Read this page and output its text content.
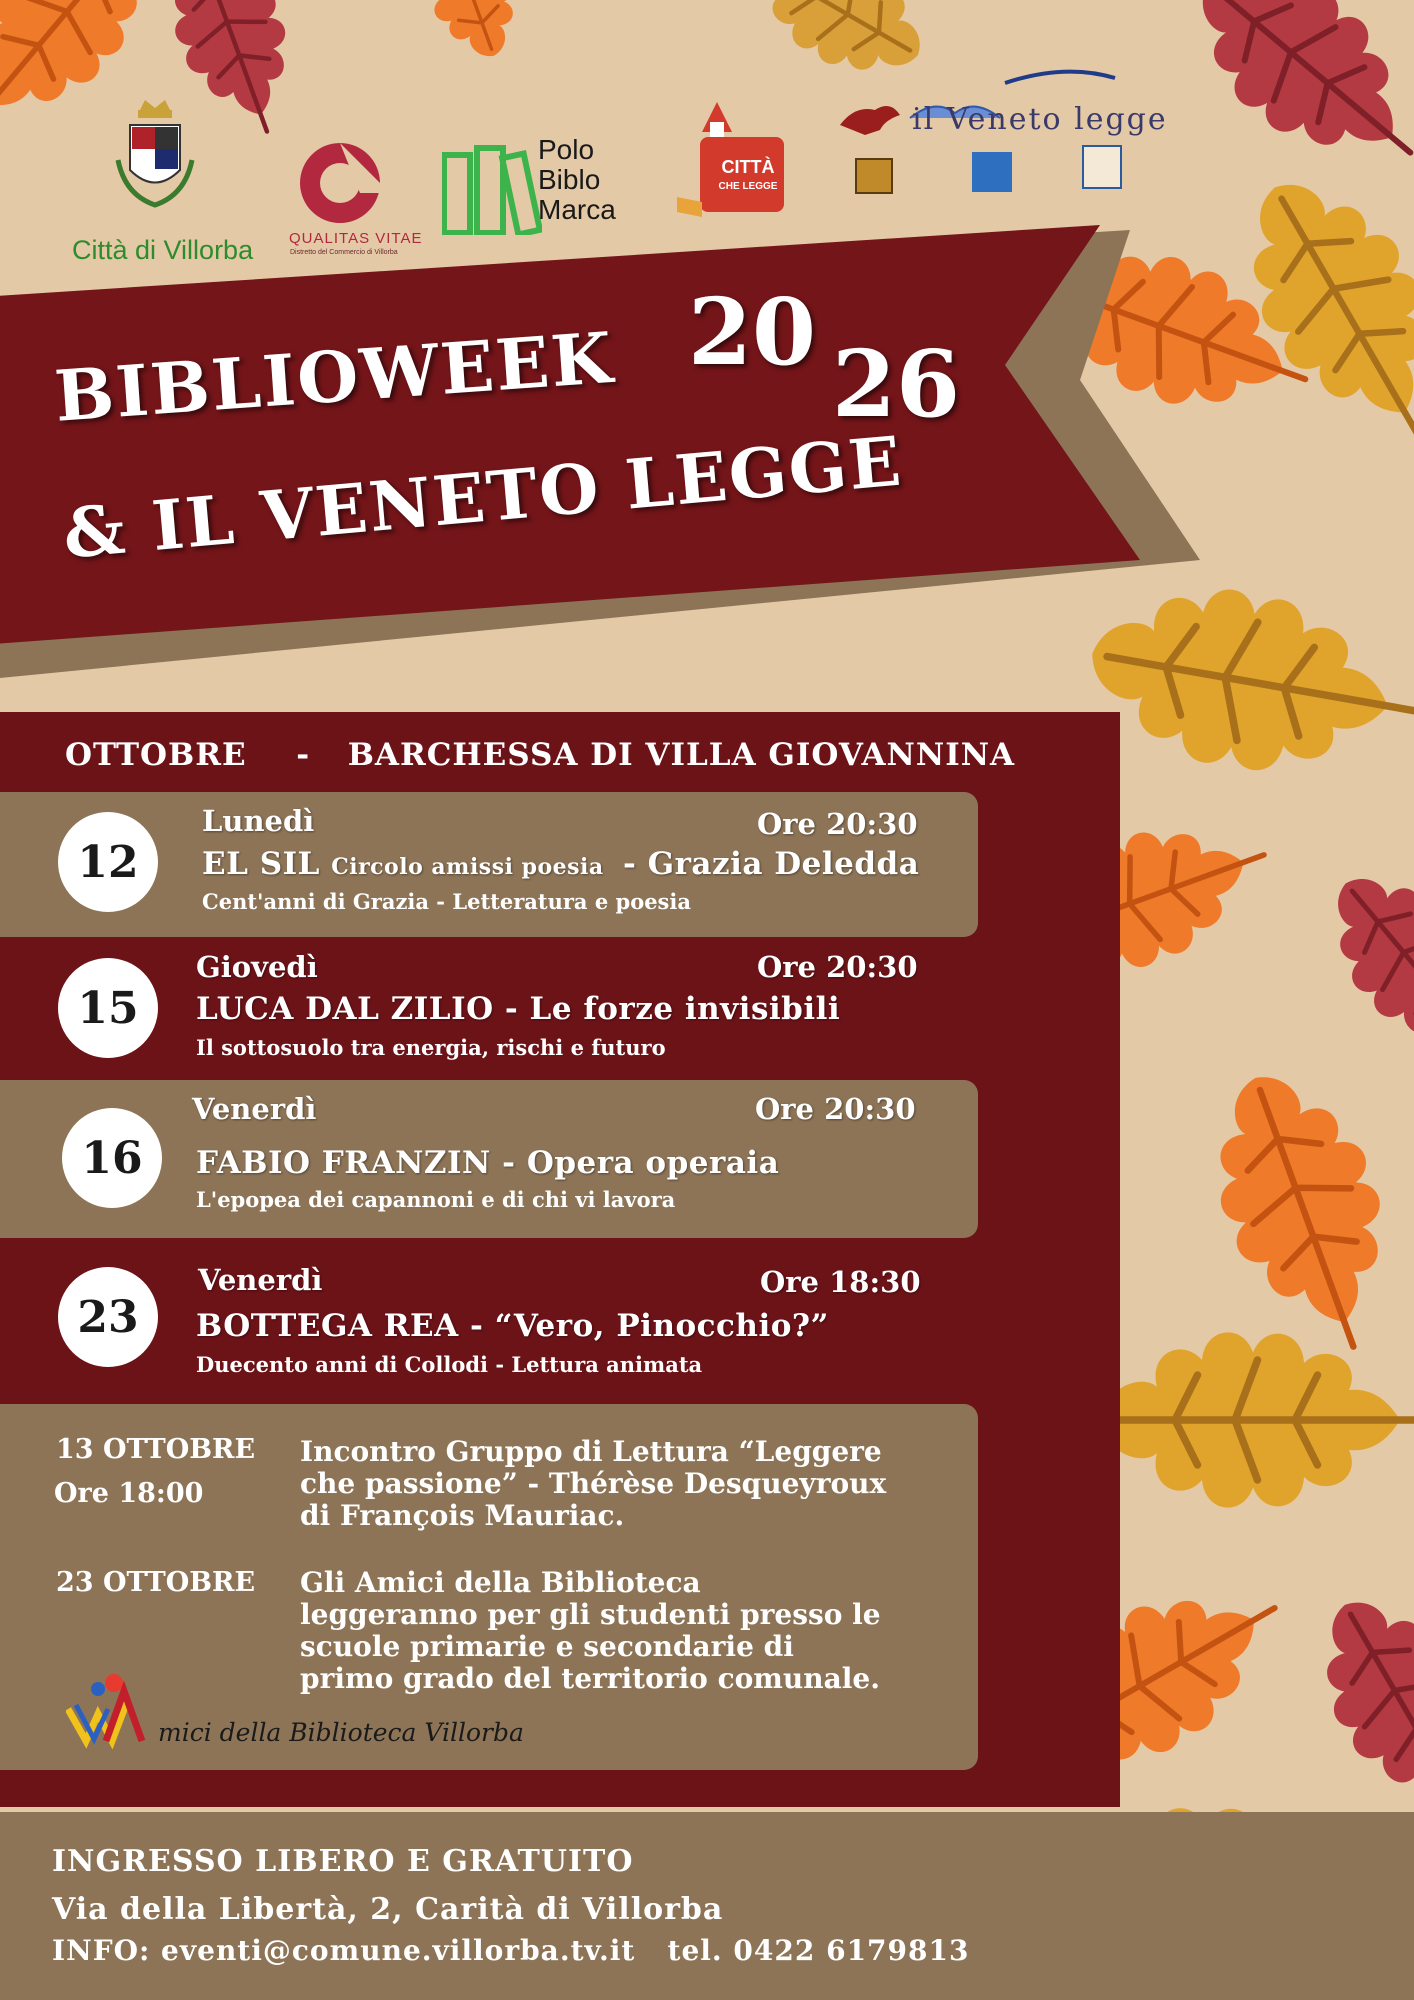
Città di Villorba QUALITAS VITAE
Distretto del Commercio di Villorba
Polo
Biblo
Marca
CITTÀ
CHE LEGGE
il Veneto legge
BIBLIOWEEK 20 26
& IL VENETO LEGGE
OTTOBRE - BARCHESSA DI VILLA GIOVANNINA
12
Lunedì	Ore 20:30
EL SIL Circolo amissi poesia - Grazia Deledda
Cent'anni di Grazia - Letteratura e poesia
15
Giovedì	Ore 20:30
LUCA DAL ZILIO - Le forze invisibili
Il sottosuolo tra energia, rischi e futuro
16
Venerdì	Ore 20:30
FABIO FRANZIN - Opera operaia
L'epopea dei capannoni e di chi vi lavora
23
Venerdì	Ore 18:30
BOTTEGA REA - “Vero, Pinocchio?”
Duecento anni di Collodi - Lettura animata
13 OTTOBRE
Ore 18:00
Incontro Gruppo di Lettura “Leggere
che passione” - Thérèse Desqueyroux
di François Mauriac.
23 OTTOBRE Gli Amici della Biblioteca
leggeranno per gli studenti presso le
scuole primarie e secondarie di
primo grado del territorio comunale.
mici della Biblioteca Villorba
INGRESSO LIBERO E GRATUITO
Via della Libertà, 2, Carità di Villorba
INFO: eventi@comune.villorba.tv.it   tel. 0422 6179813
